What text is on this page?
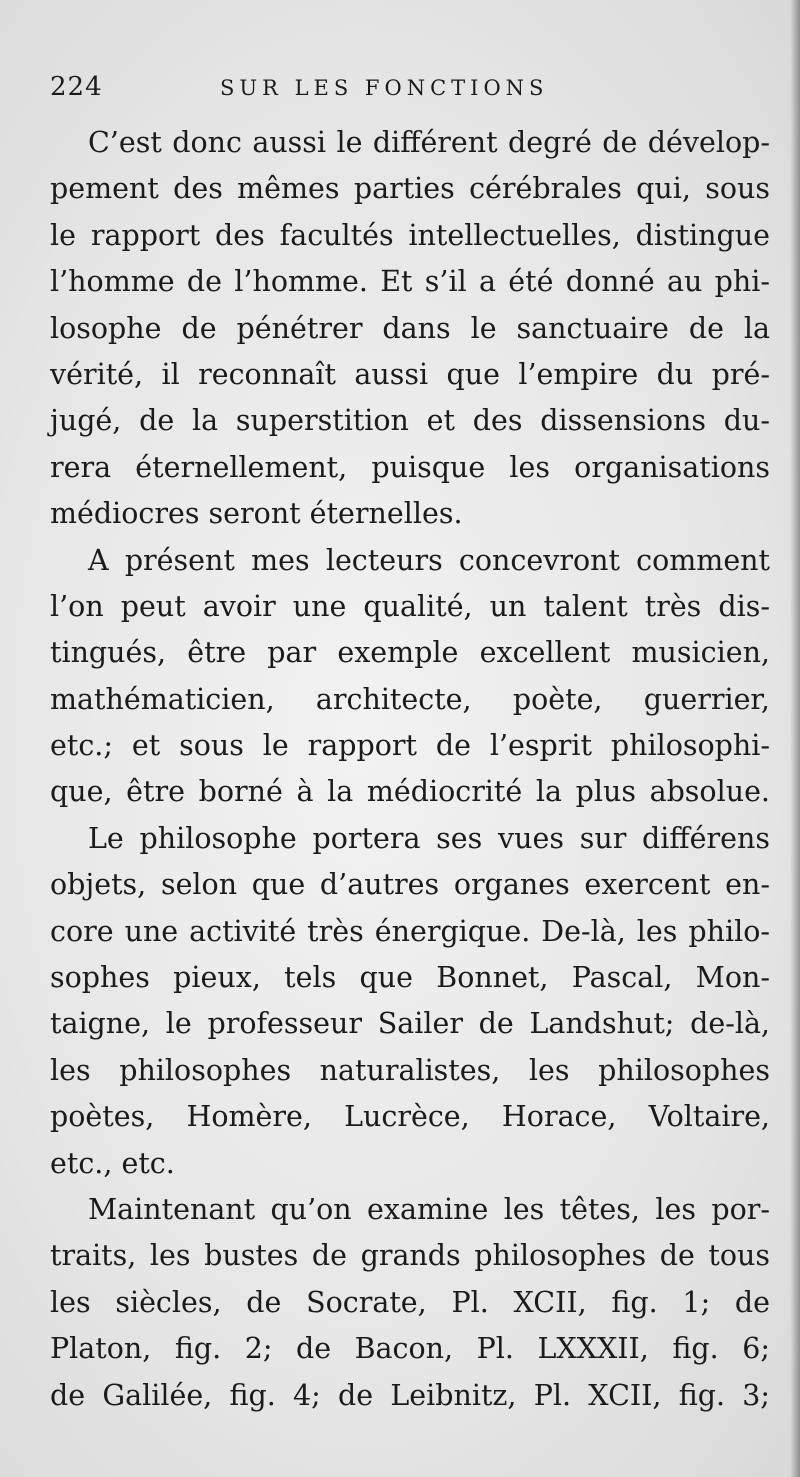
224	SUR LES FONCTIONS
C’est donc aussi le différent degré de dévelop-
pement des mêmes parties cérébrales qui, sous
le rapport des facultés intellectuelles, distingue
l’homme de l’homme. Et s’il a été donné au phi-
losophe de pénétrer dans le sanctuaire de la
vérité, il reconnaît aussi que l’empire du pré-
jugé, de la superstition et des dissensions du-
rera éternellement, puisque les organisations
médiocres seront éternelles.
A présent mes lecteurs concevront comment
l’on peut avoir une qualité, un talent très dis-
tingués, être par exemple excellent musicien,
mathématicien, architecte, poète, guerrier,
etc.; et sous le rapport de l’esprit philosophi-
que, être borné à la médiocrité la plus absolue.
Le philosophe portera ses vues sur différens
objets, selon que d’autres organes exercent en-
core une activité très énergique. De-là, les philo-
sophes pieux, tels que Bonnet, Pascal, Mon-
taigne, le professeur Sailer de Landshut; de-là,
les philosophes naturalistes, les philosophes
poètes, Homère, Lucrèce, Horace, Voltaire,
etc., etc.
Maintenant qu’on examine les têtes, les por-
traits, les bustes de grands philosophes de tous
les siècles, de Socrate, Pl. XCII, fig. 1; de
Platon, fig. 2; de Bacon, Pl. LXXXII, fig. 6;
de Galilée, fig. 4; de Leibnitz, Pl. XCII, fig. 3;
